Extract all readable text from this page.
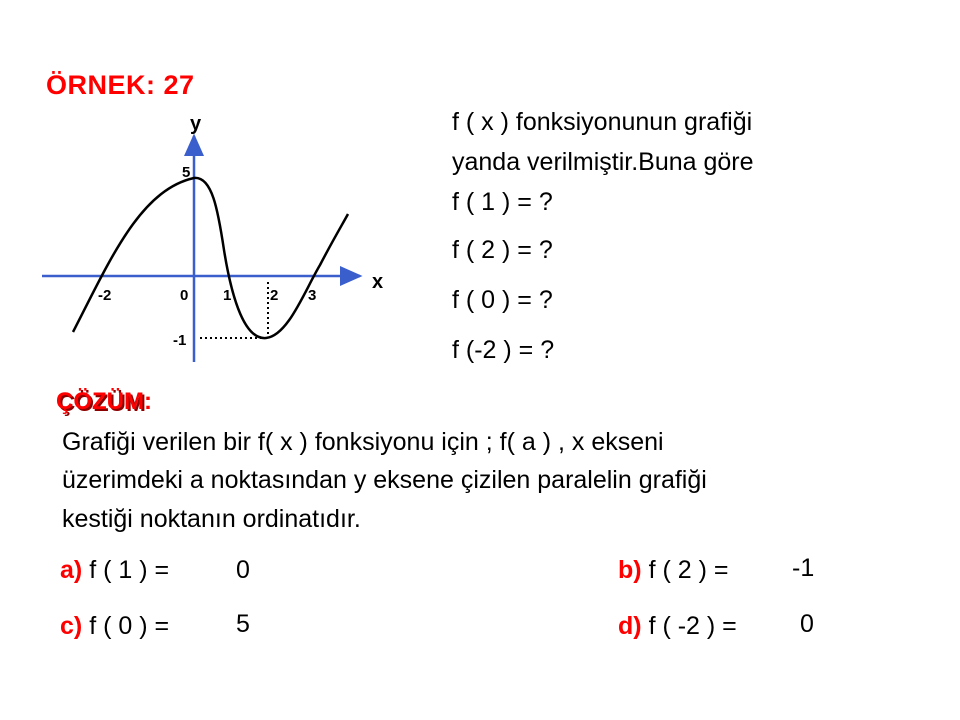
ÖRNEK: 27
y
x
5
-1
-2	0 1	2 3
f ( x ) fonksiyonunun grafiği
yanda verilmiştir.Buna göre
f ( 1 ) = ?
f ( 2 ) = ?
f ( 0 ) = ?
f (-2 ) = ?
ÇÖZÜM:
Grafiği verilen bir f( x ) fonksiyonu için ; f( a ) , x ekseni
üzerimdeki a noktasından y eksene çizilen paralelin grafiği
kestiği noktanın ordinatıdır.
a) f ( 1 ) =	0	b) f ( 2 ) =	-1
c) f ( 0 ) =	5	d) f ( -2 ) =	0
